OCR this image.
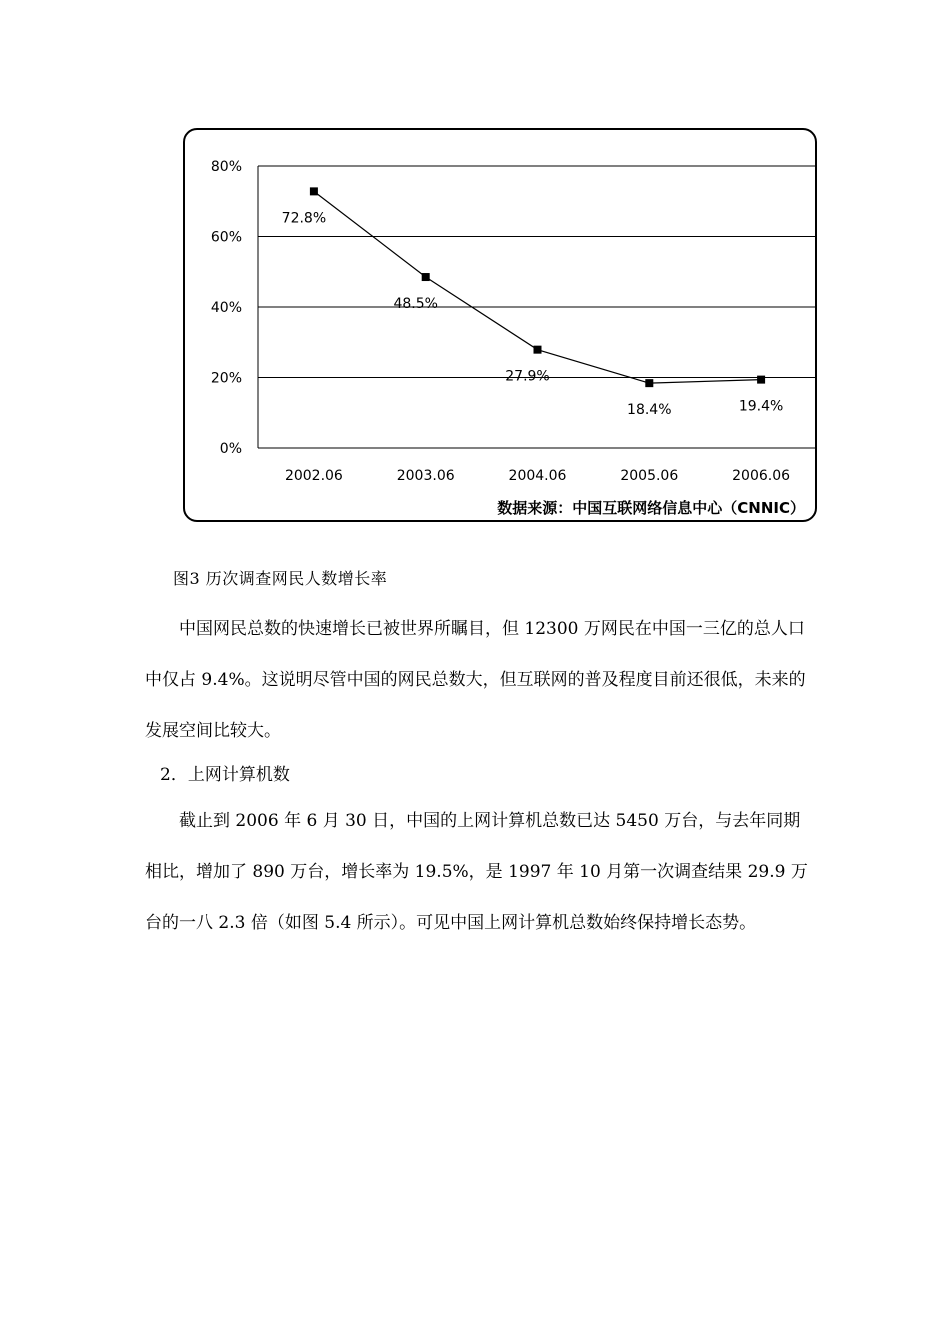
0%
20%
40%
60%
80%
2002.06	2003.06	2004.06	2005.06	2006.06
72.8%
48.5%
27.9%
18.4%	19.4%
数据来源：中国互联网络信息中心（CNNIC）
图3 历次调查网民人数增长率

中国网民总数的快速增长已被世界所瞩目，但 12300 万网民在中国一三亿的总人口中仅占 9.4%。这说明尽管中国的网民总数大，但互联网的普及程度目前还很低，未来的发展空间比较大。

2．上网计算机数

截止到 2006 年 6 月 30 日，中国的上网计算机总数已达 5450 万台，与去年同期相比，增加了 890 万台，增长率为 19.5%，是 1997 年 10 月第一次调查结果 29.9 万台的一八 2.3 倍（如图 5.4 所示）。可见中国上网计算机总数始终保持增长态势。
